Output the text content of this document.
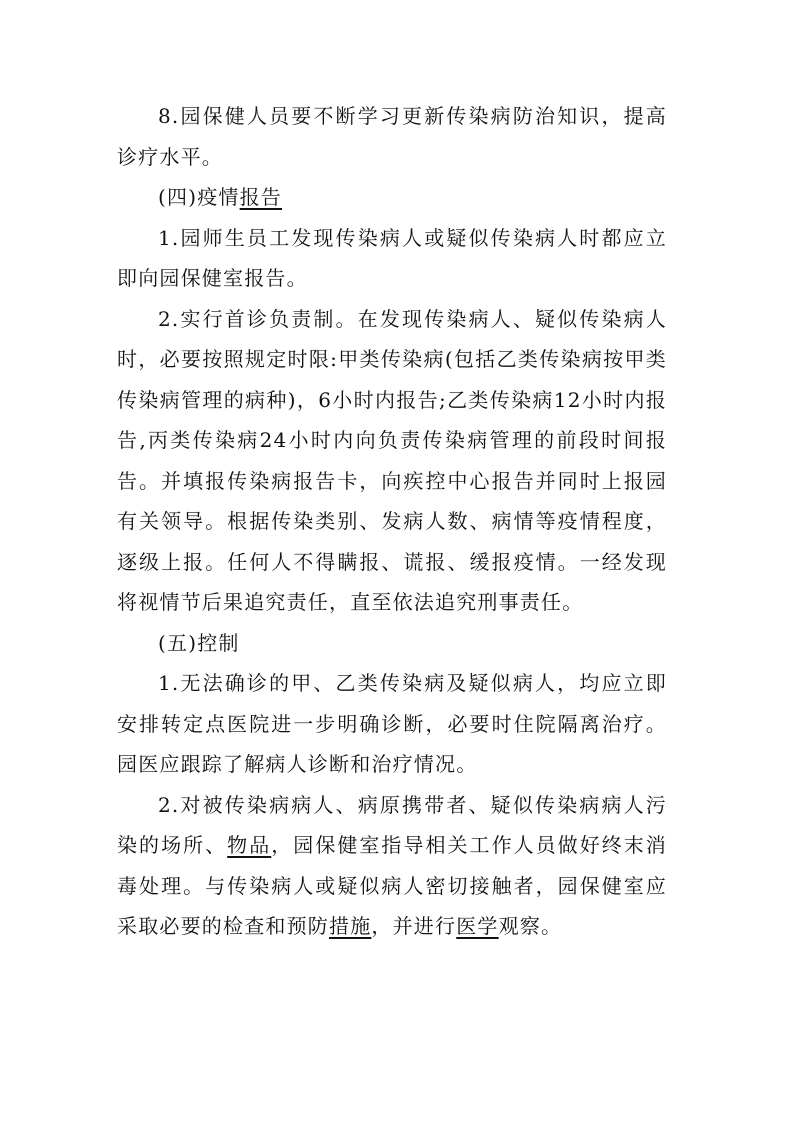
8.园保健人员要不断学习更新传染病防治知识，提高诊疗水平。

(四)疫情报告

1.园师生员工发现传染病人或疑似传染病人时都应立即向园保健室报告。

2.实行首诊负责制。在发现传染病人、疑似传染病人时，必要按照规定时限:甲类传染病(包括乙类传染病按甲类传染病管理的病种)，6小时内报告;乙类传染病12小时内报告,丙类传染病24小时内向负责传染病管理的前段时间报告。并填报传染病报告卡，向疾控中心报告并同时上报园有关领导。根据传染类别、发病人数、病情等疫情程度，逐级上报。任何人不得瞒报、谎报、缓报疫情。一经发现将视情节后果追究责任，直至依法追究刑事责任。

(五)控制

1.无法确诊的甲、乙类传染病及疑似病人，均应立即安排转定点医院进一步明确诊断，必要时住院隔离治疗。园医应跟踪了解病人诊断和治疗情况。

2.对被传染病病人、病原携带者、疑似传染病病人污染的场所、物品，园保健室指导相关工作人员做好终末消毒处理。与传染病人或疑似病人密切接触者，园保健室应采取必要的检查和预防措施，并进行医学观察。
